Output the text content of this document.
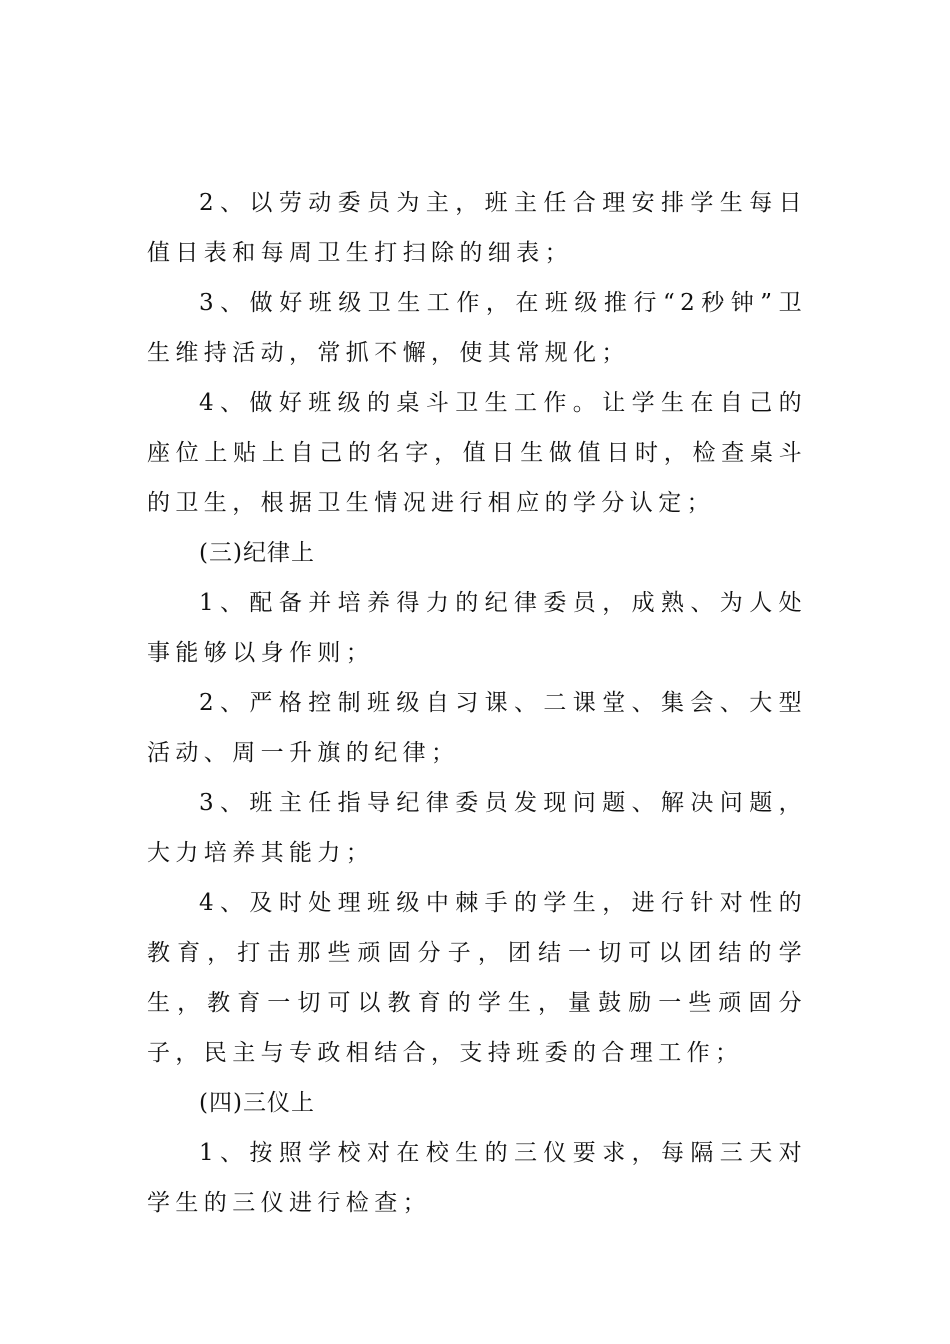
2、以劳动委员为主，班主任合理安排学生每日值日表和每周卫生打扫除的细表；

3、做好班级卫生工作，在班级推行“2秒钟”卫生维持活动，常抓不懈，使其常规化；

4、做好班级的桌斗卫生工作。让学生在自己的座位上贴上自己的名字，值日生做值日时，检查桌斗的卫生，根据卫生情况进行相应的学分认定；

(三)纪律上

1、配备并培养得力的纪律委员，成熟、为人处事能够以身作则；

2、严格控制班级自习课、二课堂、集会、大型活动、周一升旗的纪律；

3、班主任指导纪律委员发现问题、解决问题，大力培养其能力；

4、及时处理班级中棘手的学生，进行针对性的教育，打击那些顽固分子，团结一切可以团结的学生，教育一切可以教育的学生，量鼓励一些顽固分子，民主与专政相结合，支持班委的合理工作；

(四)三仪上

1、按照学校对在校生的三仪要求，每隔三天对学生的三仪进行检查；
